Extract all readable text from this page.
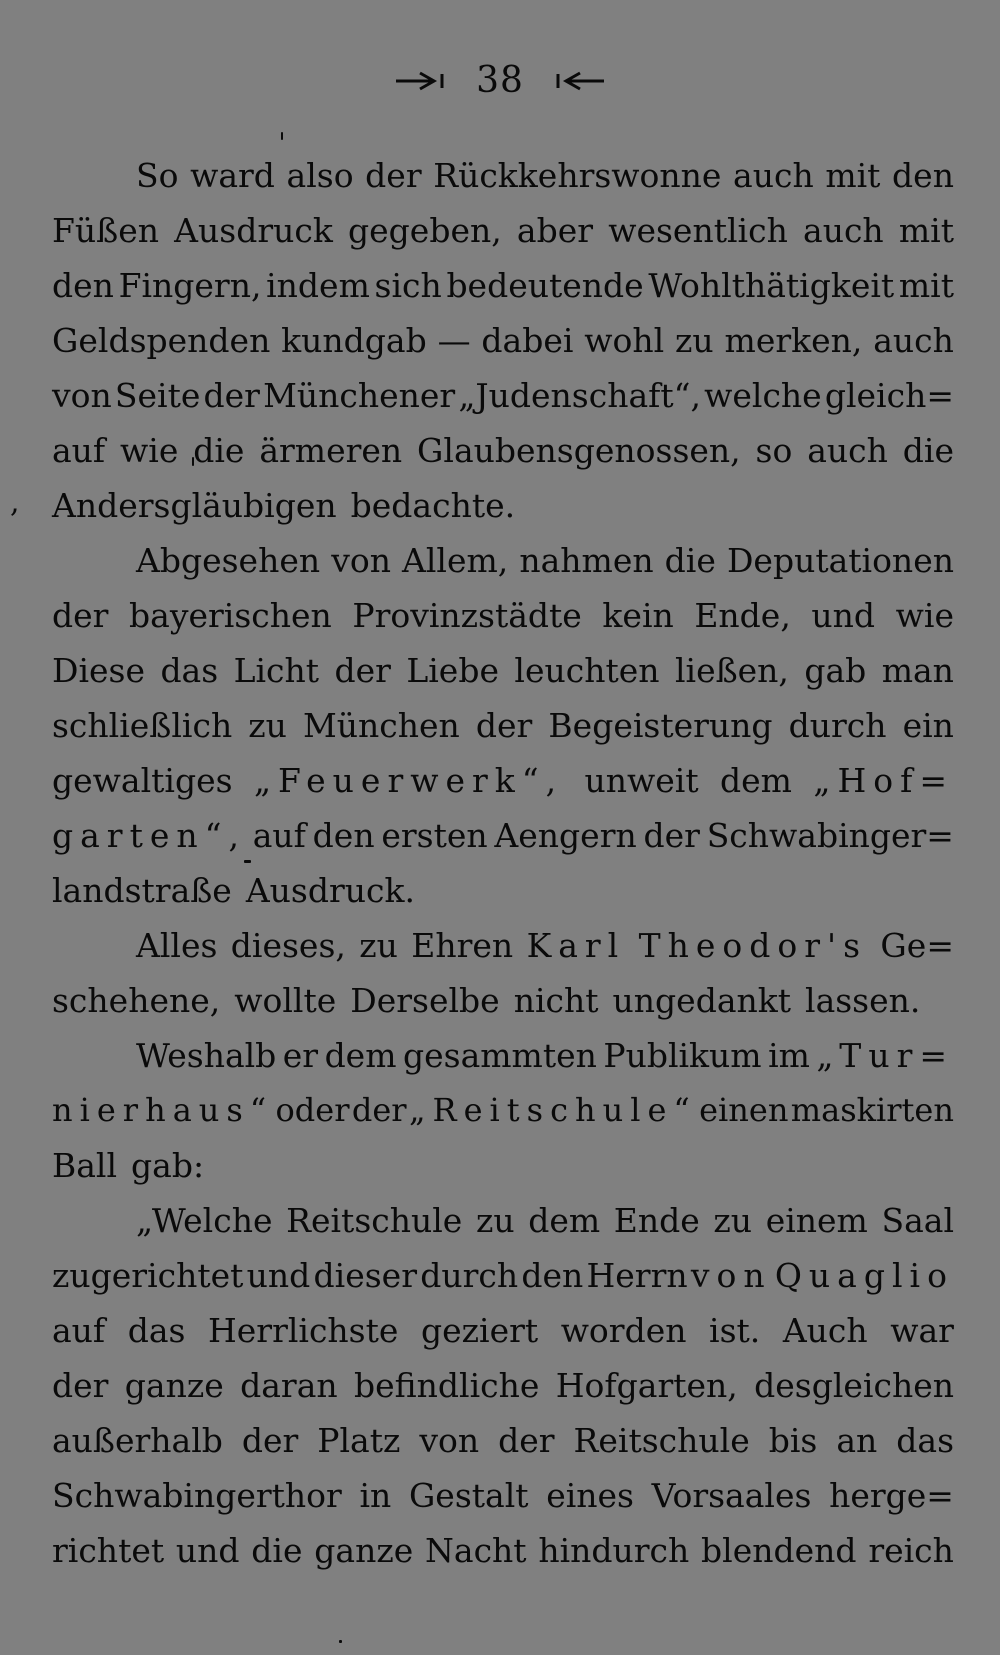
38
,
So ward also der Rückkehrswonne auch mit den
Füßen Ausdruck gegeben, aber wesentlich auch mit
den Fingern, indem sich bedeutende Wohlthätigkeit mit
Geldspenden kundgab — dabei wohl zu merken, auch
von Seite der Münchener „Judenschaft“, welche gleich=
auf wie die ärmeren Glaubensgenossen, so auch die
Andersgläubigen bedachte.
Abgesehen von Allem, nahmen die Deputationen
der bayerischen Provinzstädte kein Ende, und wie
Diese das Licht der Liebe leuchten ließen, gab man
schließlich zu München der Begeisterung durch ein
gewaltiges „Feuerwerk“, unweit dem „Hof=
garten“, auf den ersten Aengern der Schwabinger=
landstraße Ausdruck.
Alles dieses, zu Ehren Karl Theodor's Ge=
schehene, wollte Derselbe nicht ungedankt lassen.
Weshalb er dem gesammten Publikum im „Tur=
nierhaus“ oder der „Reitschule“ einen maskirten
Ball gab:
„Welche Reitschule zu dem Ende zu einem Saal
zugerichtet und dieser durch den Herrn von Quaglio
auf das Herrlichste geziert worden ist. Auch war
der ganze daran befindliche Hofgarten, desgleichen
außerhalb der Platz von der Reitschule bis an das
Schwabingerthor in Gestalt eines Vorsaales herge=
richtet und die ganze Nacht hindurch blendend reich
